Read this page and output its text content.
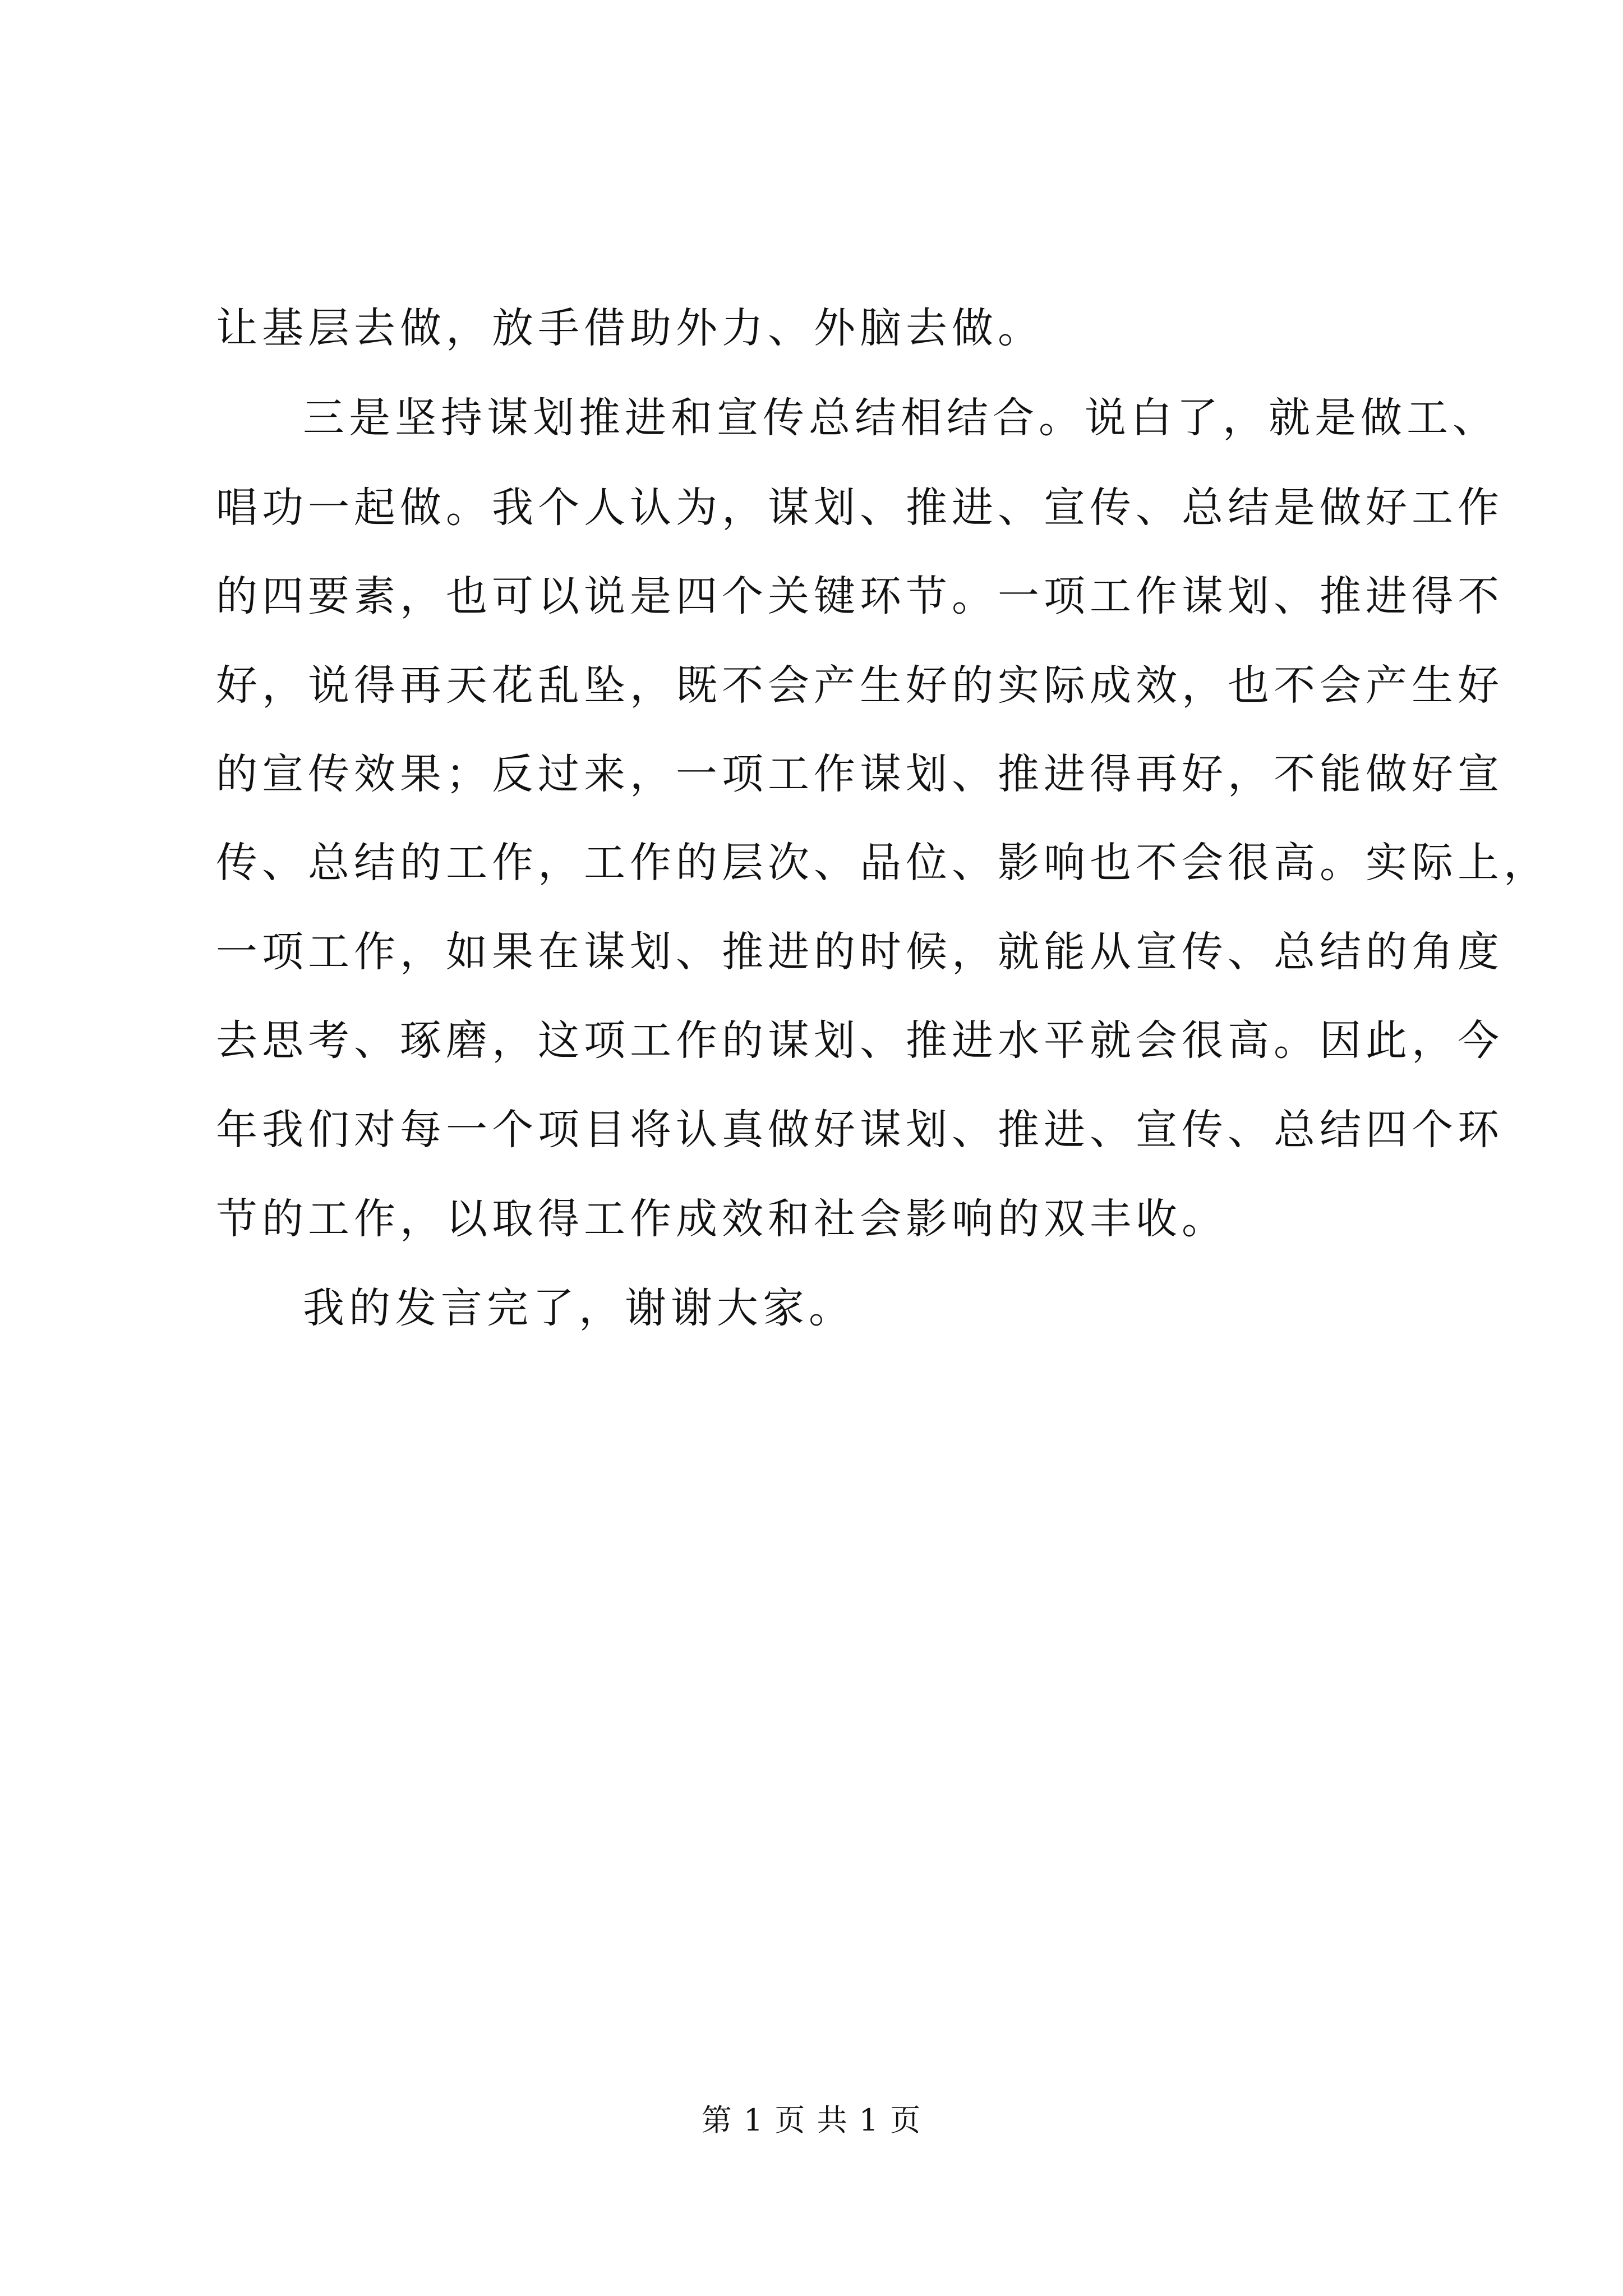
让基层去做，放手借助外力、外脑去做。
三是坚持谋划推进和宣传总结相结合。说白了，就是做工、
唱功一起做。我个人认为，谋划、推进、宣传、总结是做好工作
的四要素，也可以说是四个关键环节。一项工作谋划、推进得不
好，说得再天花乱坠，既不会产生好的实际成效，也不会产生好
的宣传效果；反过来，一项工作谋划、推进得再好，不能做好宣
传、总结的工作，工作的层次、品位、影响也不会很高。实际上，
一项工作，如果在谋划、推进的时候，就能从宣传、总结的角度
去思考、琢磨，这项工作的谋划、推进水平就会很高。因此，今
年我们对每一个项目将认真做好谋划、推进、宣传、总结四个环
节的工作，以取得工作成效和社会影响的双丰收。
我的发言完了，谢谢大家。
第 1 页 共 1 页
